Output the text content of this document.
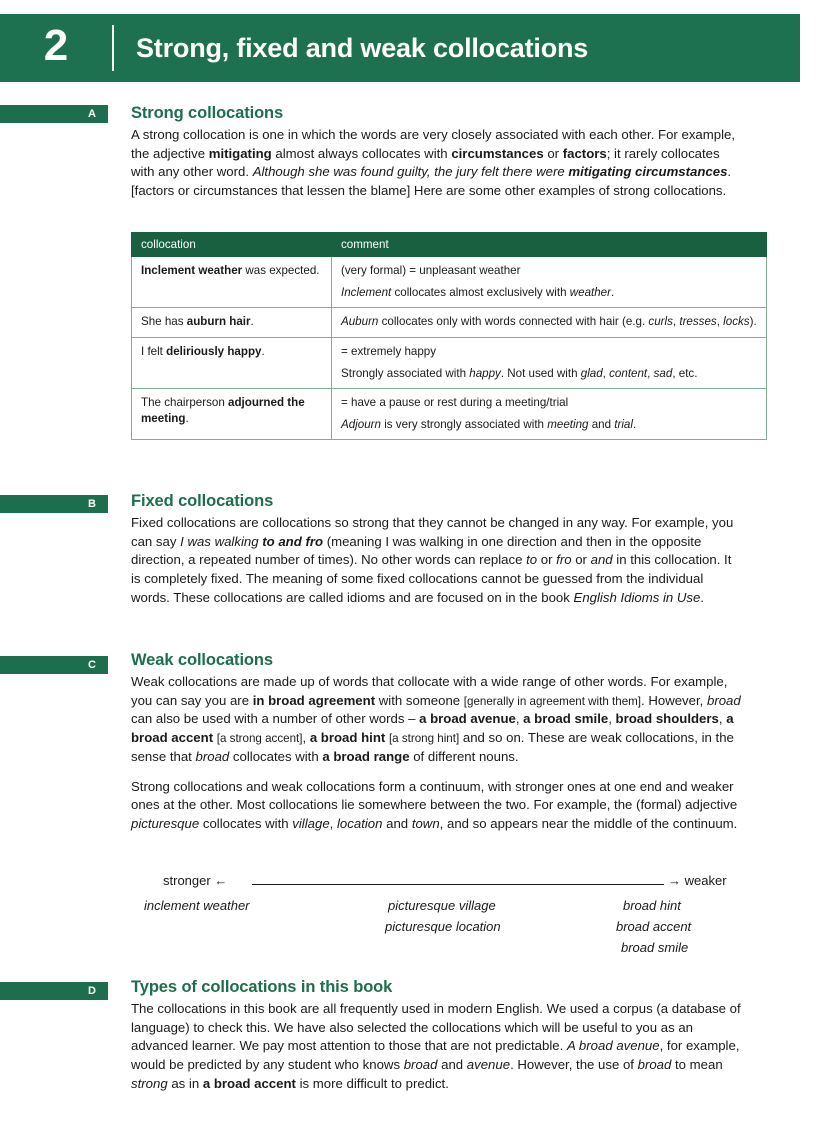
2	Strong, fixed and weak collocations
A	Strong collocations

A strong collocation is one in which the words are very closely associated with each other. For example, the adjective mitigating almost always collocates with circumstances or factors; it rarely collocates with any other word. Although she was found guilty, the jury felt there were mitigating circumstances. [factors or circumstances that lessen the blame] Here are some other examples of strong collocations.

collocation	comment

Inclement weather was expected.	(very formal) = unpleasant weather

Inclement collocates almost exclusively with weather.

She has auburn hair.	Auburn collocates only with words connected with hair (e.g. curls, tresses, locks).

I felt deliriously happy.	= extremely happy

Strongly associated with happy. Not used with glad, content, sad, etc.

The chairperson adjourned the meeting.	= have a pause or rest during a meeting/trial

Adjourn is very strongly associated with meeting and trial.

B	Fixed collocations

Fixed collocations are collocations so strong that they cannot be changed in any way. For example, you can say I was walking to and fro (meaning I was walking in one direction and then in the opposite direction, a repeated number of times). No other words can replace to or fro or and in this collocation. It is completely fixed. The meaning of some fixed collocations cannot be guessed from the individual words. These collocations are called idioms and are focused on in the book English Idioms in Use.

C	Weak collocations

Weak collocations are made up of words that collocate with a wide range of other words. For example, you can say you are in broad agreement with someone [generally in agreement with them]. However, broad can also be used with a number of other words – a broad avenue, a broad smile, broad shoulders, a broad accent [a strong accent], a broad hint [a strong hint] and so on. These are weak collocations, in the sense that broad collocates with a broad range of different nouns.

Strong collocations and weak collocations form a continuum, with stronger ones at one end and weaker ones at the other. Most collocations lie somewhere between the two. For example, the (formal) adjective picturesque collocates with village, location and town, and so appears near the middle of the continuum.

stronger ←	→ weaker
inclement weather	picturesque village
picturesque location
broad hint
broad accent
broad smile
D	Types of collocations in this book

The collocations in this book are all frequently used in modern English. We used a corpus (a database of language) to check this. We have also selected the collocations which will be useful to you as an advanced learner. We pay most attention to those that are not predictable. A broad avenue, for example, would be predicted by any student who knows broad and avenue. However, the use of broad to mean strong as in a broad accent is more difficult to predict.
